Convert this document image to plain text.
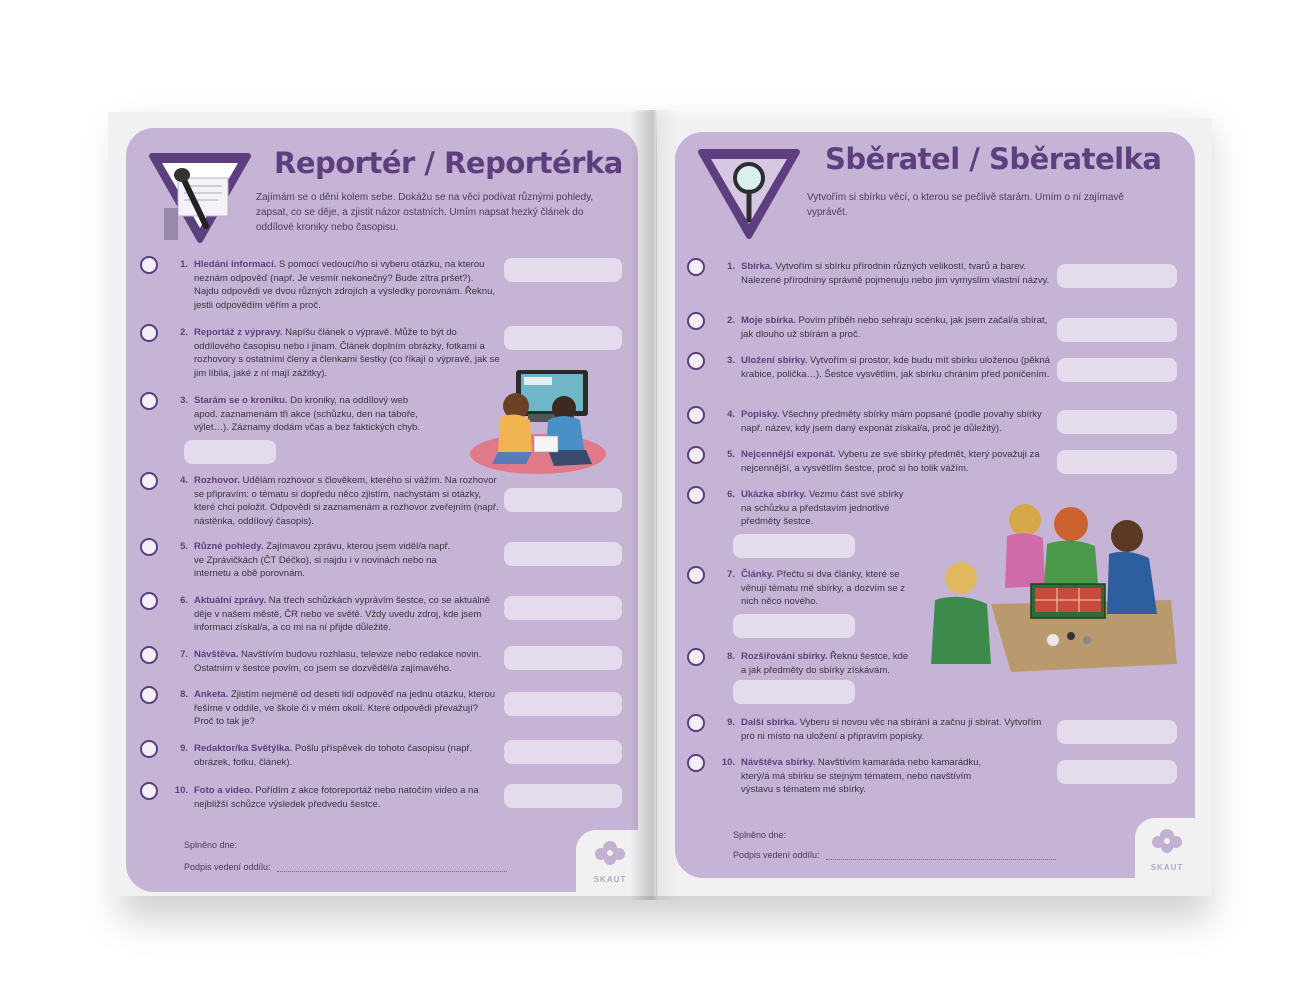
Reportér / Reportérka
Zajímám se o dění kolem sebe. Dokážu se na věci podívat různými pohledy, zapsat, co se děje, a zjistit názor ostatních. Umím napsat hezký článek do oddílové kroniky nebo časopisu.
1. Hledání informací. S pomocí vedoucí/ho si vyberu otázku, na kterou neznám odpověď (např. Je vesmír nekonečný? Bude zítra pršet?). Najdu odpovědi ve dvou různých zdrojích a výsledky porovnám. Řeknu, jestli odpovědím věřím a proč.
2. Reportáž z výpravy. Napíšu článek o výpravě. Může to být do oddílového časopisu nebo i jinam. Článek doplním obrázky, fotkami a rozhovory s ostatními členy a členkami šestky (co říkají o výpravě, jak se jim líbila, jaké z ní mají zážitky).
3. Starám se o kroniku. Do kroniky, na oddílový web apod. zaznamenám tři akce (schůzku, den na táboře, výlet…). Záznamy dodám včas a bez faktických chyb.
4. Rozhovor. Udělám rozhovor s člověkem, kterého si vážím. Na rozhovor se připravím: o tématu si dopředu něco zjistím, nachystám si otázky, které chci položit. Odpovědi si zaznamenám a rozhovor zveřejním (např. nástěnka, oddílový časopis).
5. Různé pohledy. Zajímavou zprávu, kterou jsem viděl/a např. ve Zprávičkách (ČT Déčko), si najdu i v novinách nebo na internetu a obě porovnám.
6. Aktuální zprávy. Na třech schůzkách vyprávím šestce, co se aktuálně děje v našem městě, ČR nebo ve světě. Vždy uvedu zdroj, kde jsem informaci získal/a, a co mi na ní přijde důležité.
7. Návštěva. Navštívím budovu rozhlasu, televize nebo redakce novin. Ostatním v šestce povím, co jsem se dozvěděl/a zajímavého.
8. Anketa. Zjistím nejméně od deseti lidí odpověď na jednu otázku, kterou řešíme v oddíle, ve škole či v mém okolí. Které odpovědi převažují? Proč to tak je?
9. Redaktor/ka Světýlka. Pošlu příspěvek do tohoto časopisu (např. obrázek, fotku, článek).
10. Foto a video. Pořídím z akce fotoreportáž nebo natočím video a na nejbližší schůzce výsledek předvedu šestce.
Splněno dne:
Podpis vedení oddílu:
SKAUT
Sběratel / Sběratelka
Vytvořím si sbírku věcí, o kterou se pečlivě starám. Umím o ní zajímavě vyprávět.
1. Sbírka. Vytvořím si sbírku přírodnin různých velikostí, tvarů a barev. Nalezené přírodniny správně pojmenuju nebo jim vymyslím vlastní názvy.
2. Moje sbírka. Povím příběh nebo sehraju scénku, jak jsem začal/a sbírat, jak dlouho už sbírám a proč.
3. Uložení sbírky. Vytvořím si prostor, kde budu mít sbírku uloženou (pěkná krabice, polička…). Šestce vysvětlím, jak sbírku chráním před poničením.
4. Popisky. Všechny předměty sbírky mám popsané (podle povahy sbírky např. název, kdy jsem daný exponát získal/a, proč je důležitý).
5. Nejcennější exponát. Vyberu ze své sbírky předmět, který považuji za nejcennější, a vysvětlím šestce, proč si ho tolik vážím.
6. Ukázka sbírky. Vezmu část své sbírky na schůzku a představím jednotlivé předměty šestce.
7. Články. Přečtu si dva články, které se věnují tématu mé sbírky, a dozvím se z nich něco nového.
8. Rozšiřování sbírky. Řeknu šestce, kde a jak předměty do sbírky získávám.
9. Další sbírka. Vyberu si novou věc na sbírání a začnu ji sbírat. Vytvořím pro ni místo na uložení a připravím popisky.
10. Návštěva sbírky. Navštívím kamaráda nebo kamarádku, který/á má sbírku se stejným tématem, nebo navštívím výstavu s tématem mé sbírky.
Splněno dne:
Podpis vedení oddílu:
SKAUT
